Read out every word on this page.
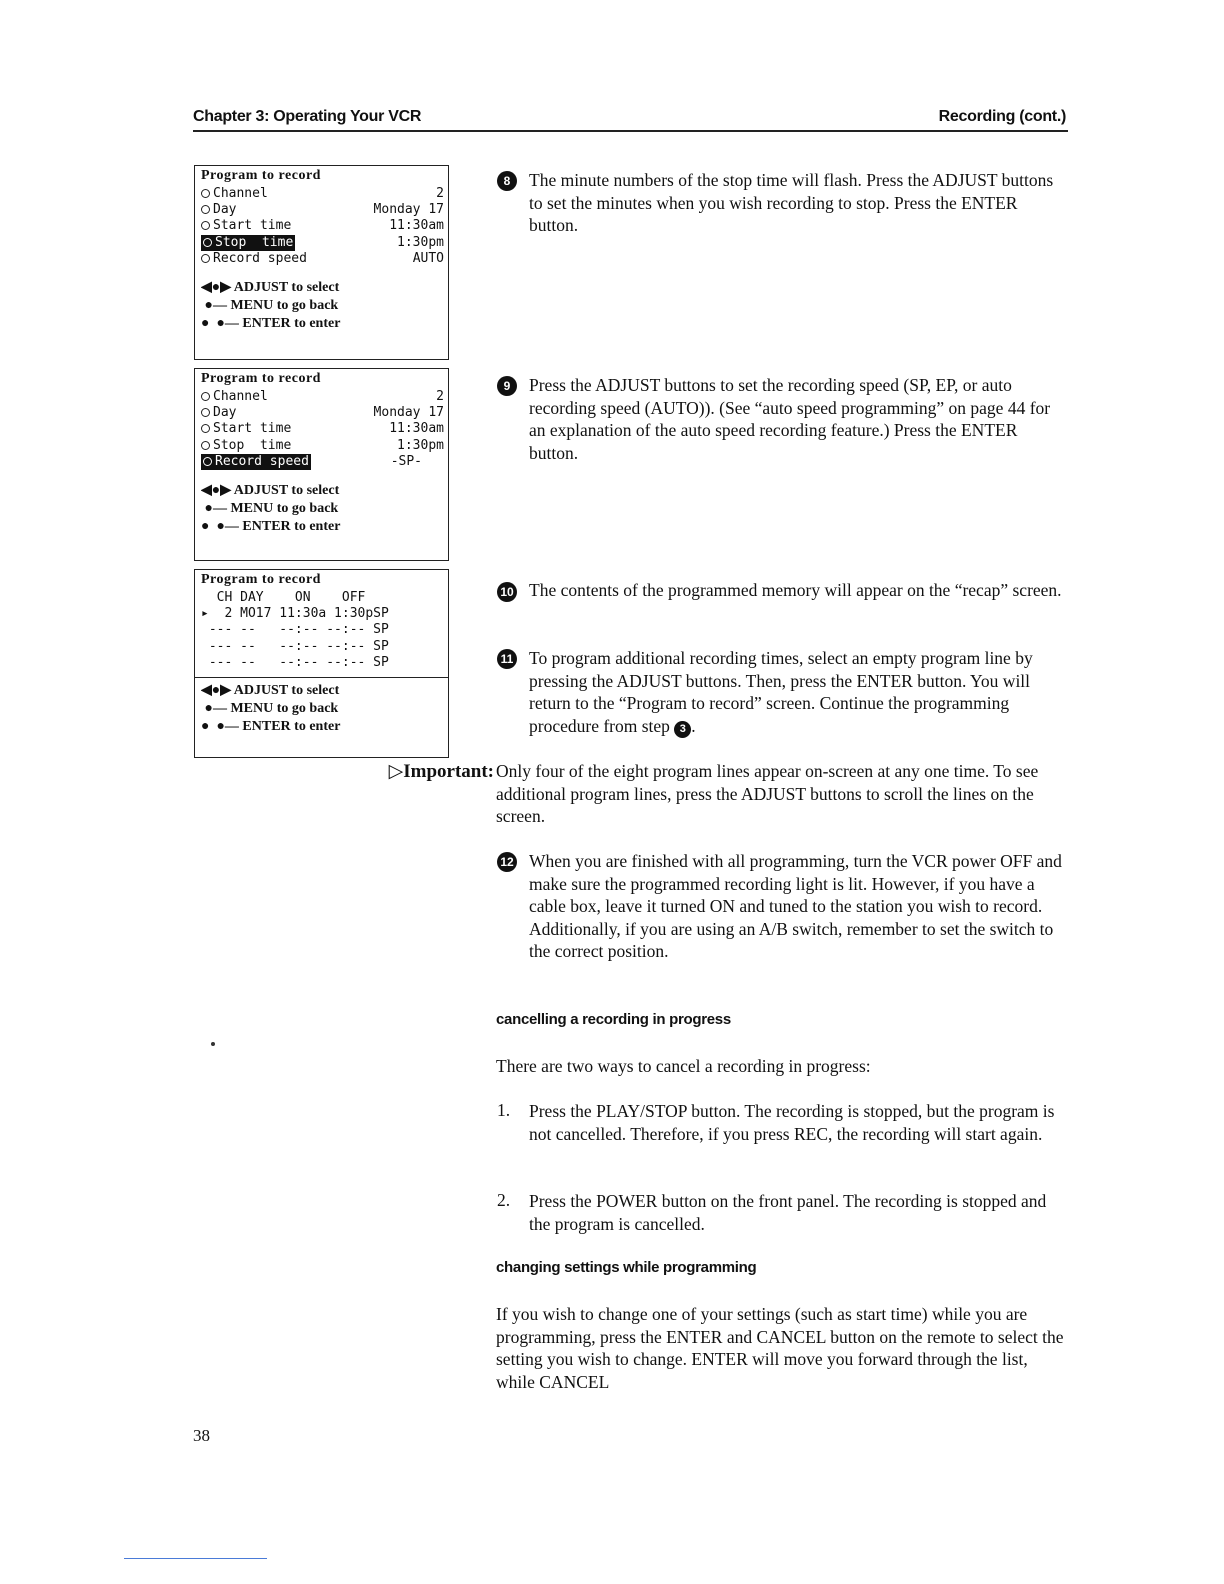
Chapter 3: Operating Your VCR	Recording (cont.)
Program to record
Channel	2
Day	Monday 17
Start time	11:30am
Stop  time	1:30pm
Record speed	AUTO
◀●▶ ADJUST to select
●— MENU to go back
●  ●— ENTER to enter
Program to record
Channel	2
Day	Monday 17
Start time	11:30am
Stop  time	1:30pm
Record speed	-SP-
◀●▶ ADJUST to select
●— MENU to go back
●  ●— ENTER to enter
Program to record
CH DAY    ON    OFF
▸  2 MO17 11:30a 1:30pSP
--- --   --:-- --:-- SP
--- --   --:-- --:-- SP
--- --   --:-- --:-- SP
◀●▶ ADJUST to select
●— MENU to go back
●  ●— ENTER to enter
8	The minute numbers of the stop time will flash. Press the ADJUST buttons to set the minutes when you wish recording to stop. Press the ENTER button.
9	Press the ADJUST buttons to set the recording speed (SP, EP, or auto recording speed (AUTO)). (See “auto speed programming” on page 44 for an explanation of the auto speed recording feature.) Press the ENTER button.
10 The contents of the programmed memory will appear on the “recap” screen.
11 To program additional recording times, select an empty program line by pressing the ADJUST buttons. Then, press the ENTER button. You will return to the “Program to record” screen. Continue the programming procedure from step 3 .
▷Important: Only four of the eight program lines appear on-screen at any one time. To see additional program lines, press the ADJUST buttons to scroll the lines on the screen.
12 When you are finished with all programming, turn the VCR power OFF and make sure the programmed recording light is lit. However, if you have a cable box, leave it turned ON and tuned to the station you wish to record. Additionally, if you are using an A/B switch, remember to set the switch to the correct position.
cancelling a recording in progress
There are two ways to cancel a recording in progress:
1. Press the PLAY/STOP button. The recording is stopped, but the program is not cancelled. Therefore, if you press REC, the recording will start again.
2. Press the POWER button on the front panel. The recording is stopped and the program is cancelled.
changing settings while programming
If you wish to change one of your settings (such as start time) while you are programming, press the ENTER and CANCEL button on the remote to select the setting you wish to change. ENTER will move you forward through the list, while CANCEL
38
